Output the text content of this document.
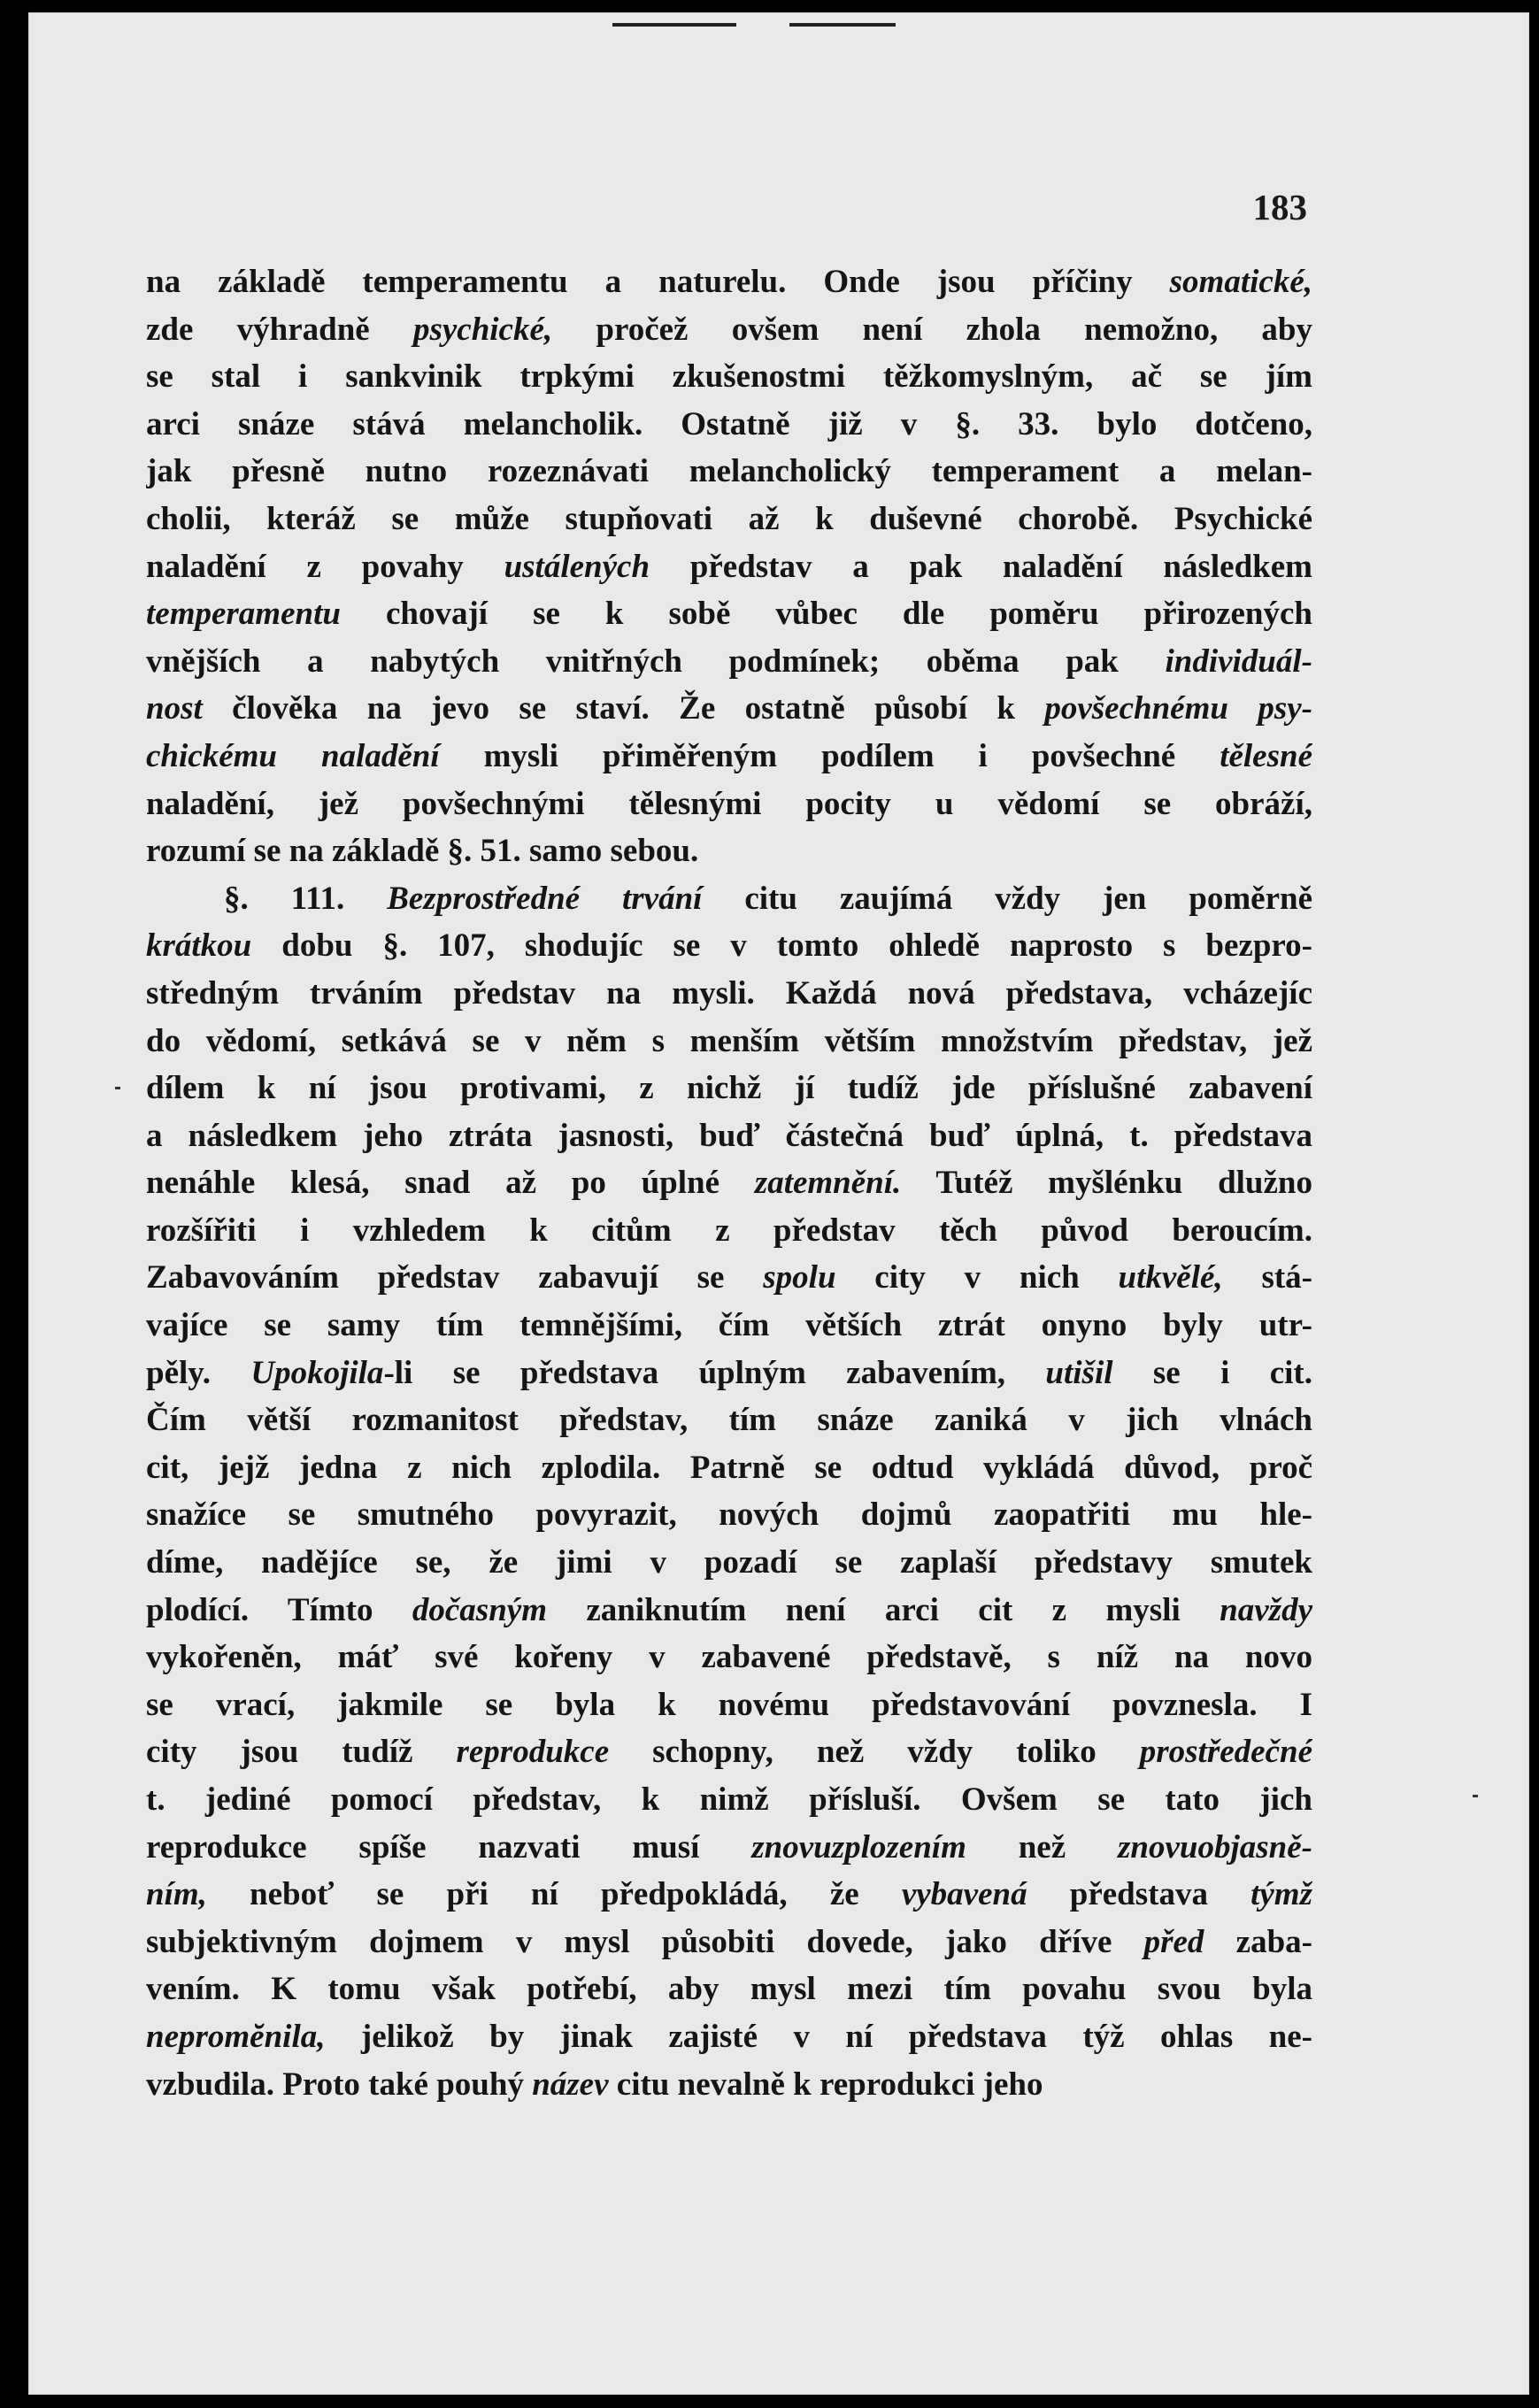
183
na základě temperamentu a naturelu. Onde jsou příčiny somatické,
zde výhradně psychické, pročež ovšem není zhola nemožno, aby
se stal i sankvinik trpkými zkušenostmi těžkomyslným, ač se jím
arci snáze stává melancholik. Ostatně již v §. 33. bylo dotčeno,
jak přesně nutno rozeznávati melancholický temperament a melan-
cholii, kteráž se může stupňovati až k duševné chorobě. Psychické
naladění z povahy ustálených představ a pak naladění následkem
temperamentu chovají se k sobě vůbec dle poměru přirozených
vnějších a nabytých vnitřných podmínek; oběma pak individuál-
nost člověka na jevo se staví. Že ostatně působí k povšechnému psy-
chickému naladění mysli přiměřeným podílem i povšechné tělesné
naladění, jež povšechnými tělesnými pocity u vědomí se obráží,
rozumí se na základě §. 51. samo sebou.
§. 111. Bezprostředné trvání citu zaujímá vždy jen poměrně
krátkou dobu §. 107, shodujíc se v tomto ohledě naprosto s bezpro-
středným trváním představ na mysli. Každá nová představa, vcházejíc
do vědomí, setkává se v něm s menším větším množstvím představ, jež
dílem k ní jsou protivami, z nichž jí tudíž jde příslušné zabavení
a následkem jeho ztráta jasnosti, buď částečná buď úplná, t. představa
nenáhle klesá, snad až po úplné zatemnění. Tutéž myšlénku dlužno
rozšířiti i vzhledem k citům z představ těch původ beroucím.
Zabavováním představ zabavují se spolu city v nich utkvělé, stá-
vajíce se samy tím temnějšími, čím větších ztrát onyno byly utr-
pěly. Upokojila-li se představa úplným zabavením, utišil se i cit.
Čím větší rozmanitost představ, tím snáze zaniká v jich vlnách
cit, jejž jedna z nich zplodila. Patrně se odtud vykládá důvod, proč
snažíce se smutného povyrazit, nových dojmů zaopatřiti mu hle-
díme, nadějíce se, že jimi v pozadí se zaplaší představy smutek
plodící. Tímto dočasným zaniknutím není arci cit z mysli navždy
vykořeněn, máť své kořeny v zabavené představě, s níž na novo
se vrací, jakmile se byla k novému představování povznesla. I
city jsou tudíž reprodukce schopny, než vždy toliko prostředečné
t. jediné pomocí představ, k nimž přísluší. Ovšem se tato jich
reprodukce spíše nazvati musí znovuzplozením než znovuobjasně-
ním, neboť se při ní předpokládá, že vybavená představa týmž
subjektivným dojmem v mysl působiti dovede, jako dříve před zaba-
vením. K tomu však potřebí, aby mysl mezi tím povahu svou byla
nepromĕnila, jelikož by jinak zajisté v ní představa týž ohlas ne-
vzbudila. Proto také pouhý název citu nevalně k reprodukci jeho
